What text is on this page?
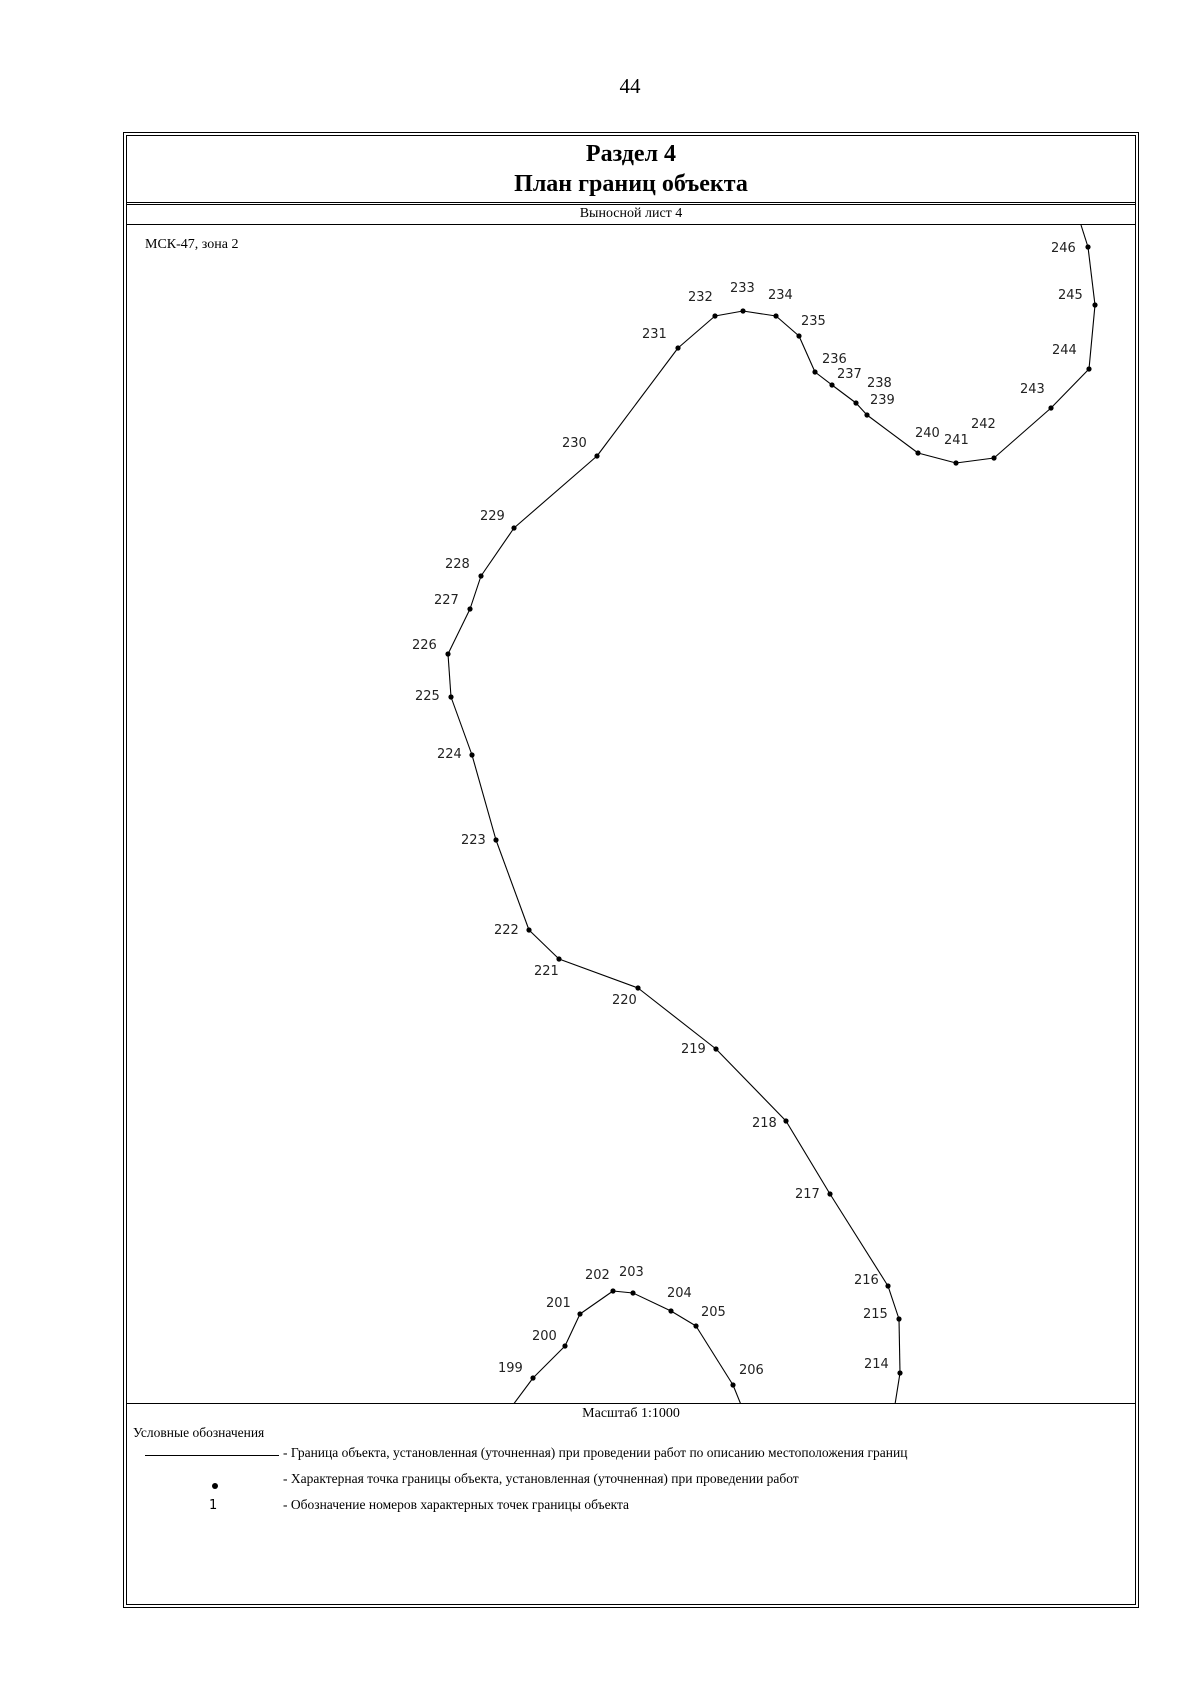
44
Раздел 4
План границ объекта
Выносной лист 4
МСК-47, зона 2
199
200
201
202 203
204
205
206	214
215
216
217
218
219
220
221
222
223
224
225
226
227
228
229
230
231
232
233 234
235
236
237
238
239
240 241
242
243
244
245
246
Масштаб 1:1000
Условные обозначения
- Граница объекта, установленная (уточненная) при проведении работ по описанию местоположения границ
- Характерная точка границы объекта, установленная (уточненная) при проведении работ
1	- Обозначение номеров характерных точек границы объекта
